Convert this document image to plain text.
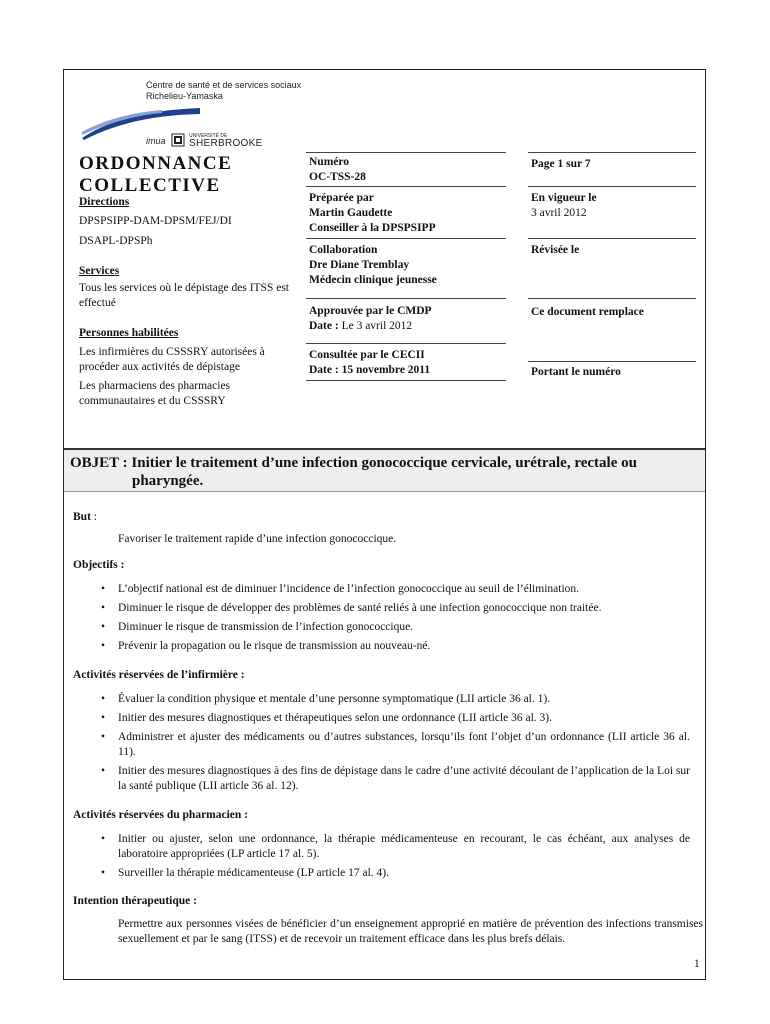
Centre de santé et de services sociaux
Richelieu-Yamaska
imua	UNIVERSITÉ DE
SHERBROOKE
ORDONNANCE
COLLECTIVE
Directions
DPSPSIPP-DAM-DPSM/FEJ/DI
DSAPL-DPSPh
Services
Tous les services où le dépistage des ITSS est effectué
Personnes habilitées
Les infirmières du CSSSRY autorisées à procéder aux activités de dépistage
Les pharmaciens des pharmacies communautaires et du CSSSRY
Numéro
OC-TSS-28
Préparée par
Martin Gaudette
Conseiller à la DPSPSIPP
Collaboration
Dre Diane Tremblay
Médecin clinique jeunesse
Approuvée par le CMDP
Date : Le 3 avril 2012
Consultée par le CECII
Date : 15 novembre 2011
Page 1 sur 7
En vigueur le
3 avril 2012
Révisée le
Ce document remplace
Portant le numéro
OBJET : Initier le traitement d’une infection gonococcique cervicale, urétrale, rectale ou
pharyngée.
But :
Favoriser le traitement rapide d’une infection gonococcique.
Objectifs :
• L’objectif national est de diminuer l’incidence de l’infection gonococcique au seuil de l’élimination.
• Diminuer le risque de développer des problèmes de santé reliés à une infection gonococcique non traitée.
• Diminuer le risque de transmission de l’infection gonococcique.
• Prévenir la propagation ou le risque de transmission au nouveau-né.
Activités réservées de l’infirmière :
• Évaluer la condition physique et mentale d’une personne symptomatique (LII article 36 al. 1).
• Initier des mesures diagnostiques et thérapeutiques selon une ordonnance (LII article 36 al. 3).
• Administrer et ajuster des médicaments ou d’autres substances, lorsqu’ils font l’objet d’un ordonnance (LII article 36 al. 11).
• Initier des mesures diagnostiques à des fins de dépistage dans le cadre d’une activité découlant de l’application de la Loi sur la santé publique (LII article 36 al. 12).
Activités réservées du pharmacien :
• Initier ou ajuster, selon une ordonnance, la thérapie médicamenteuse en recourant, le cas échéant, aux analyses de laboratoire appropriées (LP article 17 al. 5).
• Surveiller la thérapie médicamenteuse (LP article 17 al. 4).
Intention thérapeutique :
Permettre aux personnes visées de bénéficier d’un enseignement approprié en matière de prévention des infections transmises sexuellement et par le sang (ITSS) et de recevoir un traitement efficace dans les plus brefs délais.
1
